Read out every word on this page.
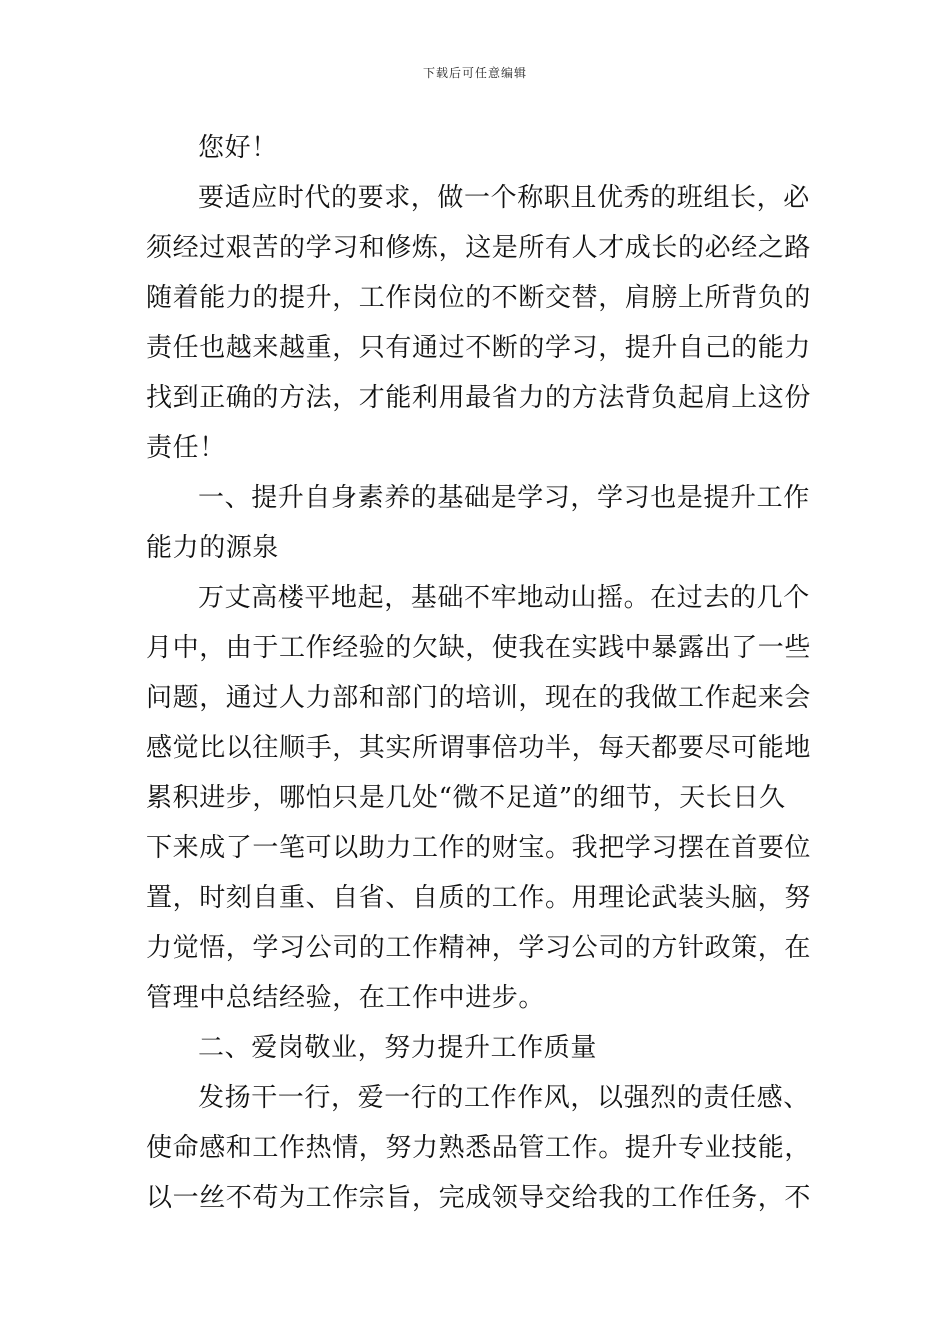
下载后可任意编辑
您好！
要适应时代的要求，做一个称职且优秀的班组长，必
须经过艰苦的学习和修炼，这是所有人才成长的必经之路
随着能力的提升，工作岗位的不断交替，肩膀上所背负的
责任也越来越重，只有通过不断的学习，提升自己的能力
找到正确的方法，才能利用最省力的方法背负起肩上这份
责任！
一、提升自身素养的基础是学习，学习也是提升工作
能力的源泉
万丈高楼平地起，基础不牢地动山摇。在过去的几个
月中，由于工作经验的欠缺，使我在实践中暴露出了一些
问题，通过人力部和部门的培训，现在的我做工作起来会
感觉比以往顺手，其实所谓事倍功半，每天都要尽可能地
累积进步，哪怕只是几处“微不足道”的细节，天长日久
下来成了一笔可以助力工作的财宝。我把学习摆在首要位
置，时刻自重、自省、自质的工作。用理论武装头脑，努
力觉悟，学习公司的工作精神，学习公司的方针政策，在
管理中总结经验，在工作中进步。
二、爱岗敬业，努力提升工作质量
发扬干一行，爱一行的工作作风，以强烈的责任感、
使命感和工作热情，努力熟悉品管工作。提升专业技能，
以一丝不苟为工作宗旨，完成领导交给我的工作任务，不
